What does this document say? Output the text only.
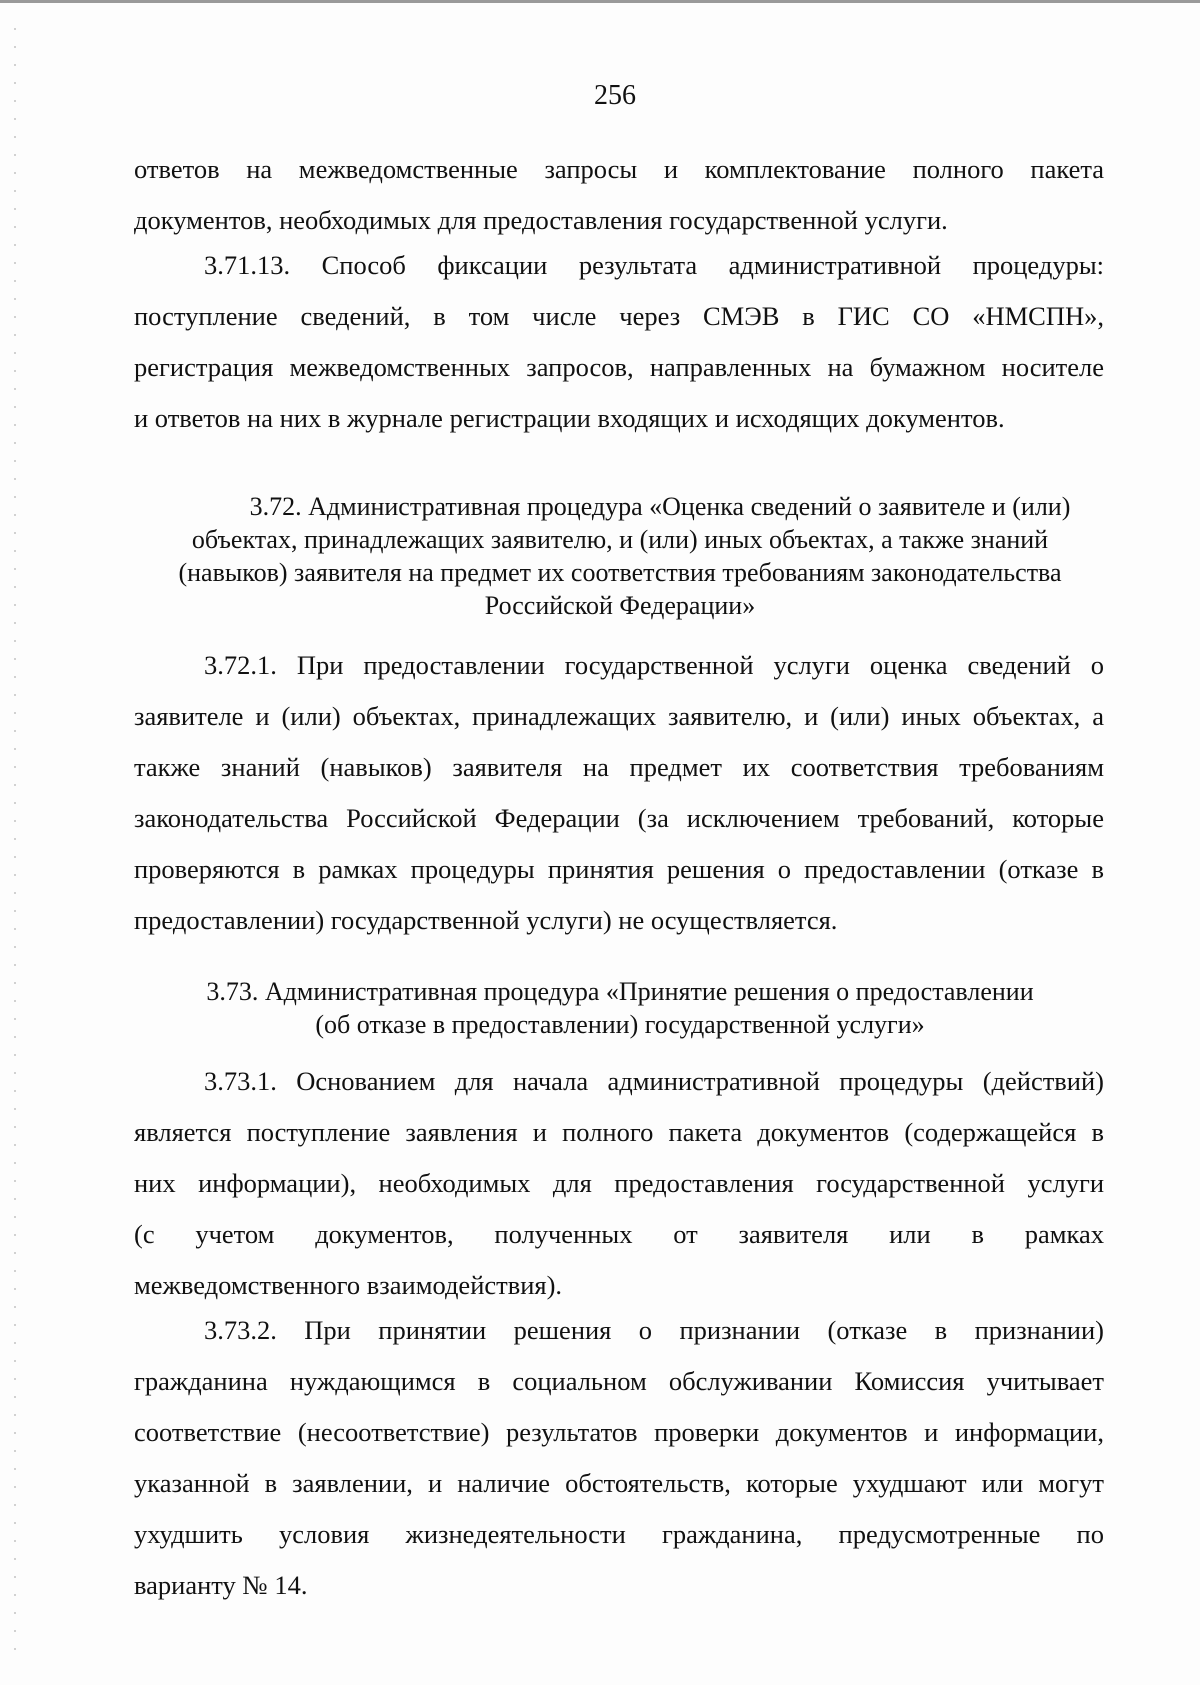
256
ответов на межведомственные запросы и комплектование полного пакета
документов, необходимых для предоставления государственной услуги.
3.71.13. Способ фиксации результата административной процедуры:
поступление сведений, в том числе через СМЭВ в ГИС СО «НМСПН»,
регистрация межведомственных запросов, направленных на бумажном носителе
и ответов на них в журнале регистрации входящих и исходящих документов.
3.72. Административная процедура «Оценка сведений о заявителе и (или)
объектах, принадлежащих заявителю, и (или) иных объектах, а также знаний
(навыков) заявителя на предмет их соответствия требованиям законодательства
Российской Федерации»
3.72.1. При предоставлении государственной услуги оценка сведений о
заявителе и (или) объектах, принадлежащих заявителю, и (или) иных объектах, а
также знаний (навыков) заявителя на предмет их соответствия требованиям
законодательства Российской Федерации (за исключением требований, которые
проверяются в рамках процедуры принятия решения о предоставлении (отказе в
предоставлении) государственной услуги) не осуществляется.
3.73. Административная процедура «Принятие решения о предоставлении
(об отказе в предоставлении) государственной услуги»
3.73.1. Основанием для начала административной процедуры (действий)
является поступление заявления и полного пакета документов (содержащейся в
них информации), необходимых для предоставления государственной услуги
(с учетом документов, полученных от заявителя или в рамках
межведомственного взаимодействия).
3.73.2. При принятии решения о признании (отказе в признании)
гражданина нуждающимся в социальном обслуживании Комиссия учитывает
соответствие (несоответствие) результатов проверки документов и информации,
указанной в заявлении, и наличие обстоятельств, которые ухудшают или могут
ухудшить условия жизнедеятельности гражданина, предусмотренные по
варианту № 14.
